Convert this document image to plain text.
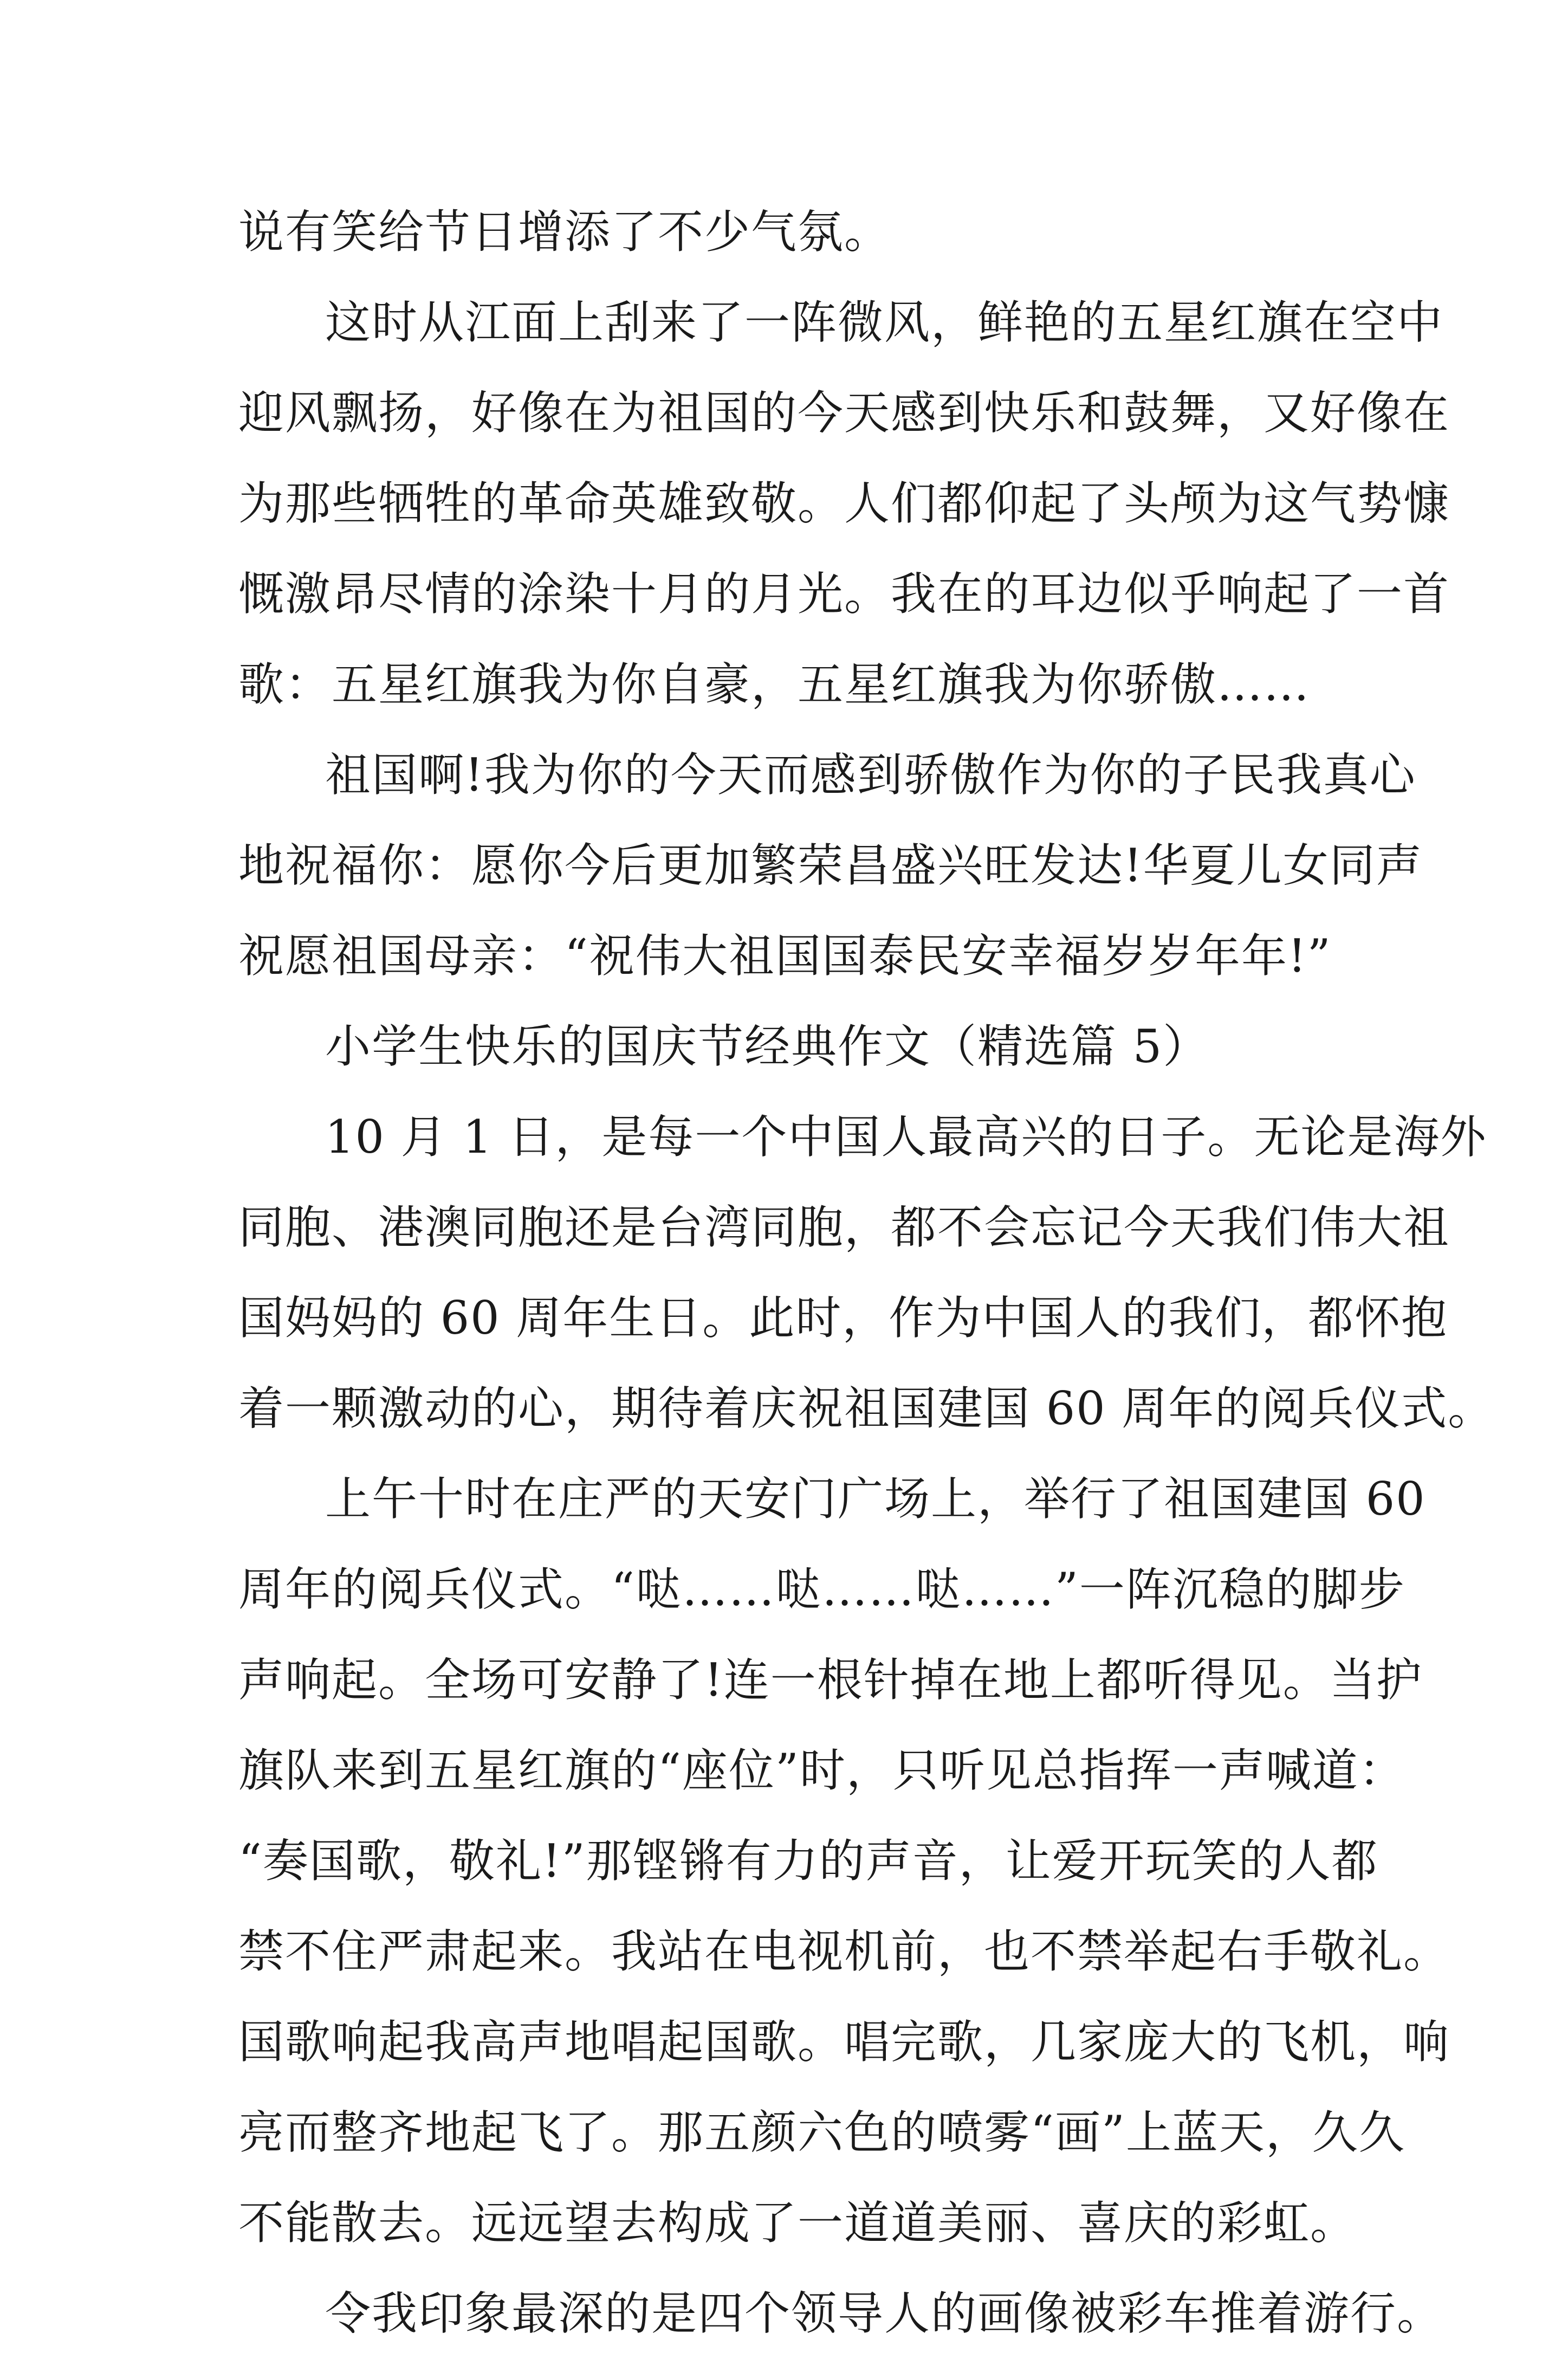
说有笑给节日增添了不少气氛。
这时从江面上刮来了一阵微风，鲜艳的五星红旗在空中
迎风飘扬，好像在为祖国的今天感到快乐和鼓舞，又好像在
为那些牺牲的革命英雄致敬。人们都仰起了头颅为这气势慷
慨激昂尽情的涂染十月的月光。我在的耳边似乎响起了一首
歌：五星红旗我为你自豪，五星红旗我为你骄傲……
祖国啊!我为你的今天而感到骄傲作为你的子民我真心
地祝福你：愿你今后更加繁荣昌盛兴旺发达!华夏儿女同声
祝愿祖国母亲：“祝伟大祖国国泰民安幸福岁岁年年!”
小学生快乐的国庆节经典作文（精选篇 5）
10 月 1 日，是每一个中国人最高兴的日子。无论是海外
同胞、港澳同胞还是台湾同胞，都不会忘记今天我们伟大祖
国妈妈的 60 周年生日。此时，作为中国人的我们，都怀抱
着一颗激动的心，期待着庆祝祖国建国 60 周年的阅兵仪式。
上午十时在庄严的天安门广场上，举行了祖国建国 60
周年的阅兵仪式。“哒……哒……哒……”一阵沉稳的脚步
声响起。全场可安静了!连一根针掉在地上都听得见。当护
旗队来到五星红旗的“座位”时，只听见总指挥一声喊道：
“奏国歌，敬礼!”那铿锵有力的声音，让爱开玩笑的人都
禁不住严肃起来。我站在电视机前，也不禁举起右手敬礼。
国歌响起我高声地唱起国歌。唱完歌，几家庞大的飞机，响
亮而整齐地起飞了。那五颜六色的喷雾“画”上蓝天，久久
不能散去。远远望去构成了一道道美丽、喜庆的彩虹。
令我印象最深的是四个领导人的画像被彩车推着游行。
